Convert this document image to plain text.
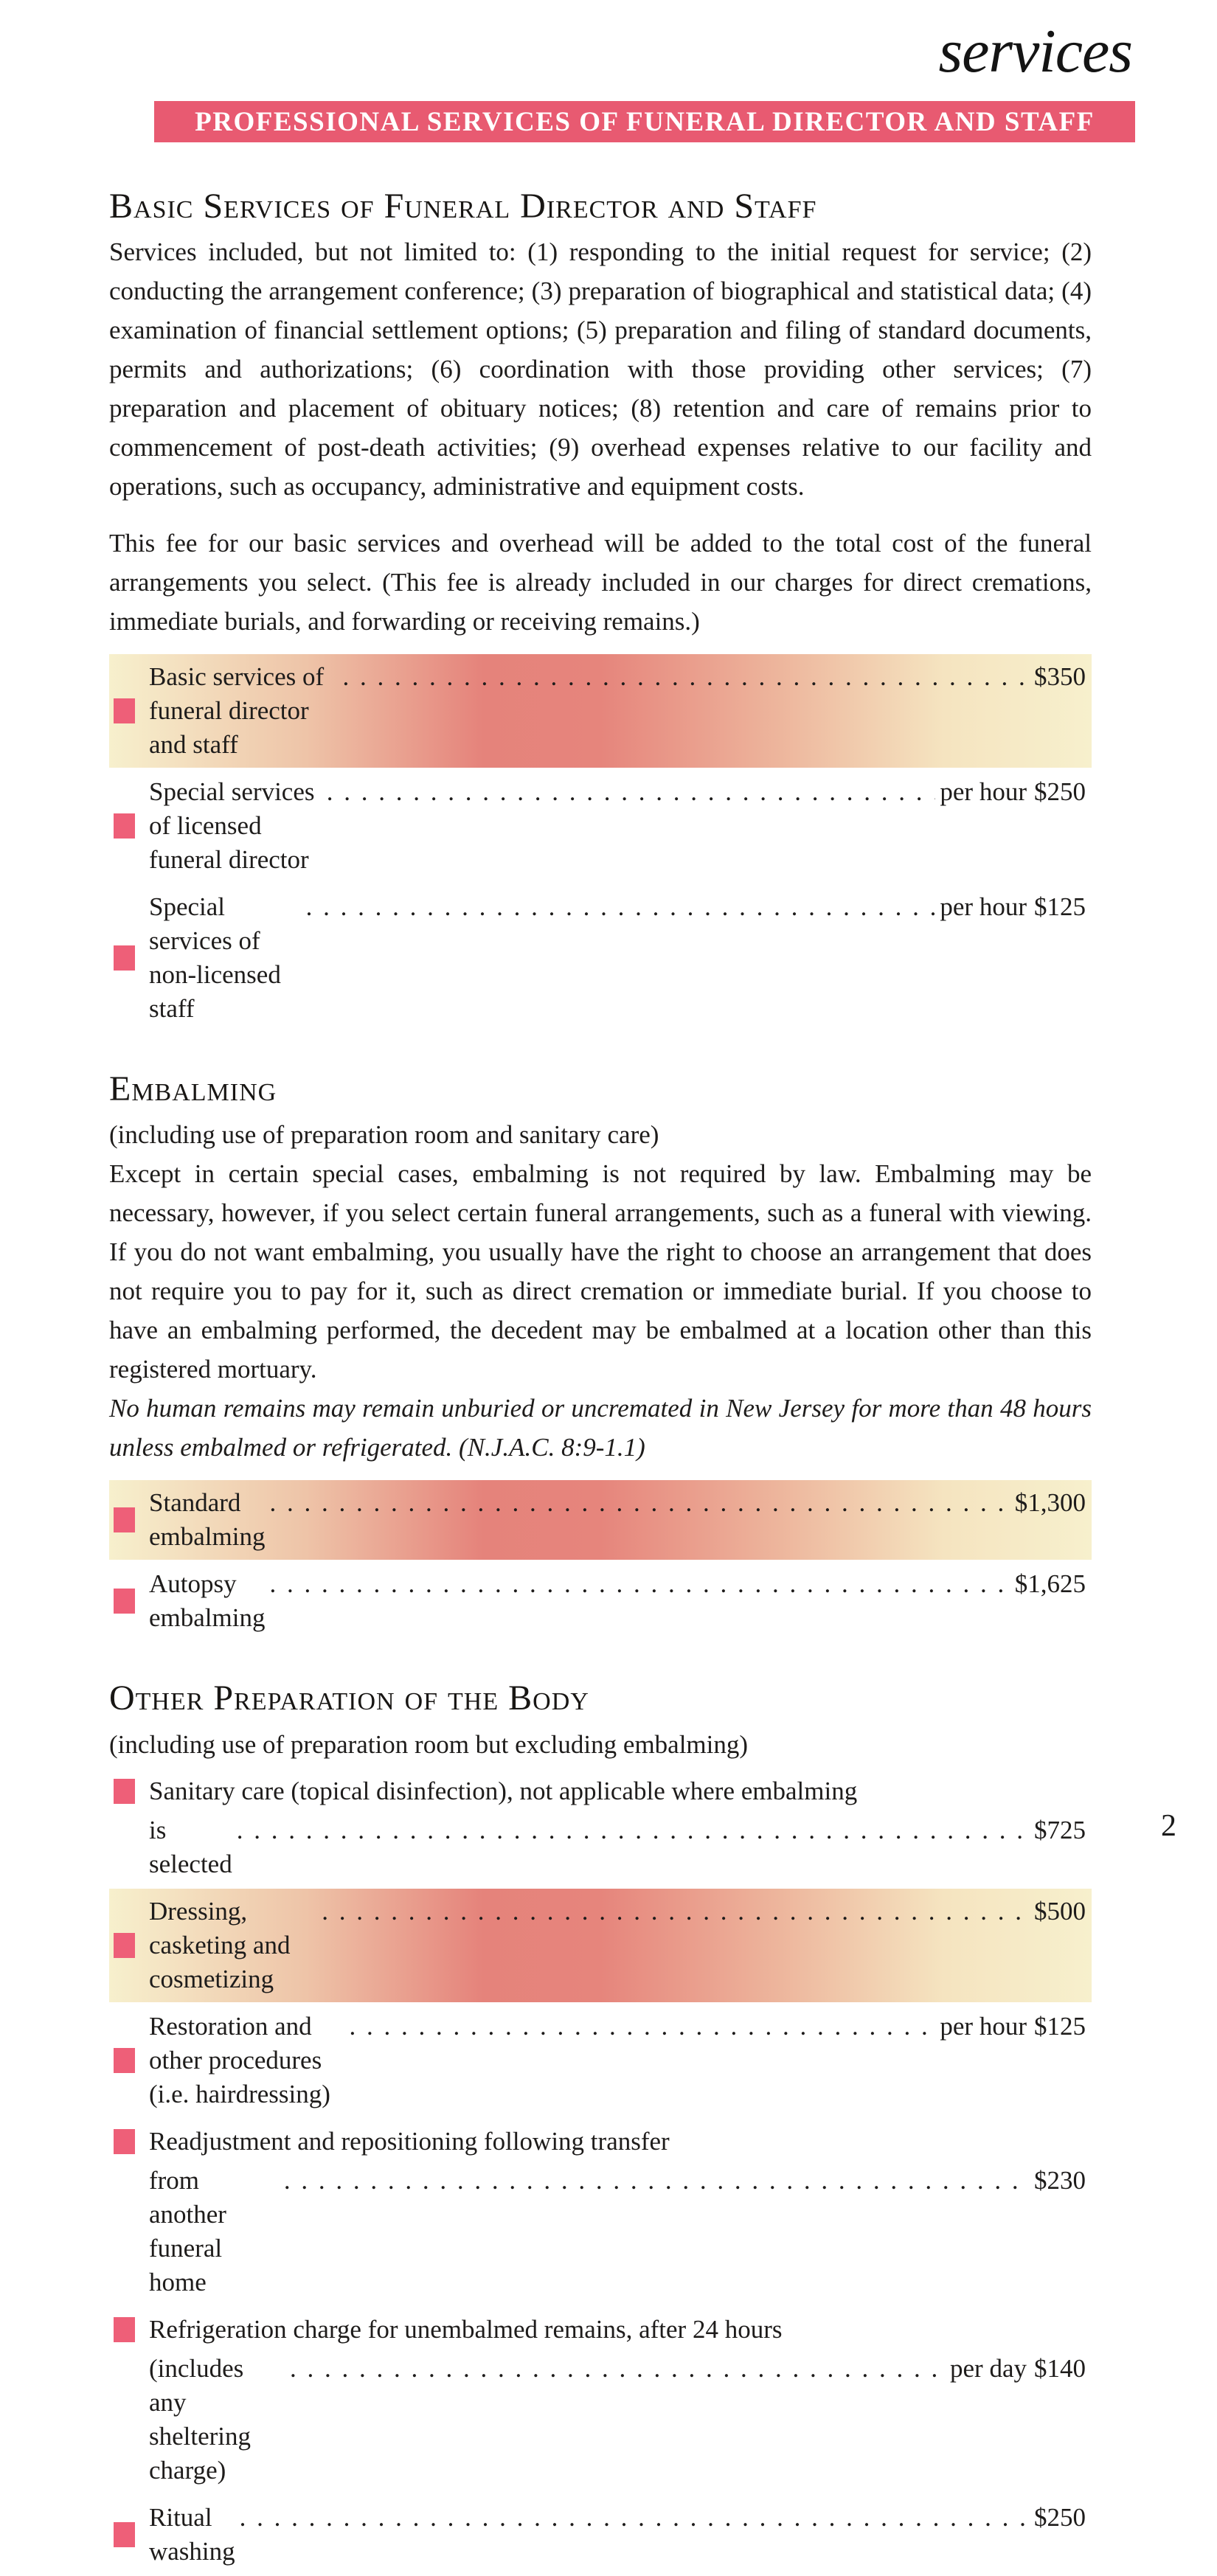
services
PROFESSIONAL SERVICES OF FUNERAL DIRECTOR AND STAFF
Basic Services of Funeral Director and Staff

Services included, but not limited to: (1) responding to the initial request for service; (2) conducting the arrangement conference; (3) preparation of biographical and statistical data; (4) examination of financial settlement options; (5) preparation and filing of standard documents, permits and authorizations; (6) coordination with those providing other services; (7) preparation and placement of obituary notices; (8) retention and care of remains prior to commencement of post-death activities; (9) overhead expenses relative to our facility and operations, such as occupancy, administrative and equipment costs.

This fee for our basic services and overhead will be added to the total cost of the funeral arrangements you select. (This fee is already included in our charges for direct cremations, immediate burials, and forwarding or receiving remains.)

Basic services of funeral director and staff
. . .
$350
Special services of licensed funeral director
. . .
per hour $250
Special services of non-licensed staff
. . .
per hour $125
Embalming

(including use of preparation room and sanitary care)

Except in certain special cases, embalming is not required by law. Embalming may be necessary, however, if you select certain funeral arrangements, such as a funeral with viewing. If you do not want embalming, you usually have the right to choose an arrangement that does not require you to pay for it, such as direct cremation or immediate burial. If you choose to have an embalming performed, the decedent may be embalmed at a location other than this registered mortuary.

No human remains may remain unburied or uncremated in New Jersey for more than 48 hours unless embalmed or refrigerated. (N.J.A.C. 8:9-1.1)

Standard embalming
. . .
$1,300
Autopsy embalming
. . .
$1,625
Other Preparation of the Body

(including use of preparation room but excluding embalming)

Sanitary care (topical disinfection), not applicable where embalming
is selected
. . .
$725
Dressing, casketing and cosmetizing
. . .
$500
Restoration and other procedures (i.e. hairdressing)
. . .
per hour $125
Readjustment and repositioning following transfer
from another funeral home
. . .
$230
Refrigeration charge for unembalmed remains, after 24 hours
(includes any sheltering charge)
. . .
per day $140
Ritual washing
. . .
$250
2
